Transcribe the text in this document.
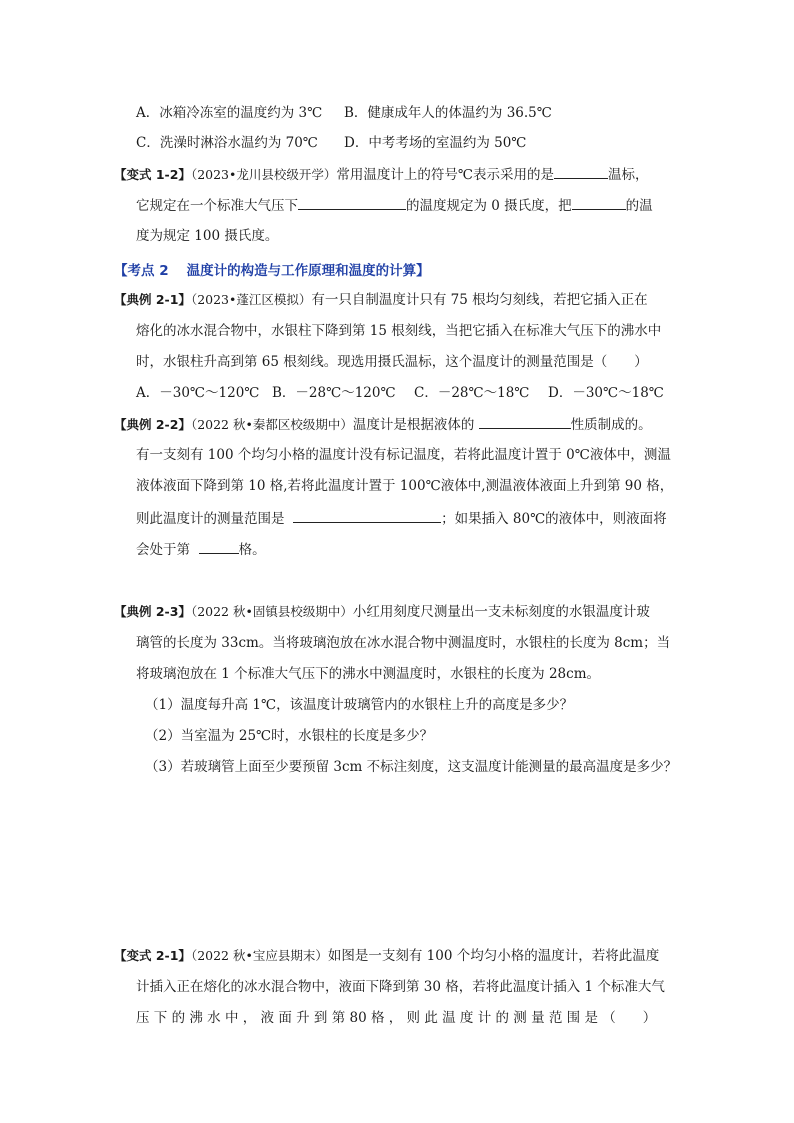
A．冰箱冷冻室的温度约为 3℃ B．健康成年人的体温约为 36.5℃
C．洗澡时淋浴水温约为 70℃ D．中考考场的室温约为 50℃
【变式 1-2】（2023•龙川县校级开学）常用温度计上的符号℃表示采用的是	温标，
它规定在一个标准大气压下	的温度规定为 0 摄氏度，把	的温
度为规定 100 摄氏度。
【考点 2 温度计的构造与工作原理和温度的计算】
【典例 2-1】（2023•蓬江区模拟）有一只自制温度计只有 75 根均匀刻线，若把它插入正在
熔化的冰水混合物中，水银柱下降到第 15 根刻线，当把它插入在标准大气压下的沸水中
时，水银柱升高到第 65 根刻线。现选用摄氏温标，这个温度计的测量范围是（　　）
A．－30℃～120℃ B．－28℃～120℃ C．－28℃～18℃ D．－30℃～18℃
【典例 2-2】（2022 秋•秦都区校级期中）温度计是根据液体的	性质制成的。
有一支刻有 100 个均匀小格的温度计没有标记温度，若将此温度计置于 0℃液体中，测温
液体液面下降到第 10 格,若将此温度计置于 100℃液体中,测温液体液面上升到第 90 格，
则此温度计的测量范围是	；如果插入 80℃的液体中，则液面将
会处于第	格。
【典例 2-3】（2022 秋•固镇县校级期中）小红用刻度尺测量出一支未标刻度的水银温度计玻
璃管的长度为 33cm。当将玻璃泡放在冰水混合物中测温度时，水银柱的长度为 8cm；当
将玻璃泡放在 1 个标准大气压下的沸水中测温度时，水银柱的长度为 28cm。
（1）温度每升高 1℃，该温度计玻璃管内的水银柱上升的高度是多少？
（2）当室温为 25℃时，水银柱的长度是多少？
（3）若玻璃管上面至少要预留 3cm 不标注刻度，这支温度计能测量的最高温度是多少？
【变式 2-1】（2022 秋•宝应县期末）如图是一支刻有 100 个均匀小格的温度计，若将此温度
计插入正在熔化的冰水混合物中，液面下降到第 30 格，若将此温度计插入 1 个标准大气
压 下 的 沸 水 中 ， 液 面 升 到 第 80 格 ， 则 此 温 度 计 的 测 量 范 围 是 （　　）
